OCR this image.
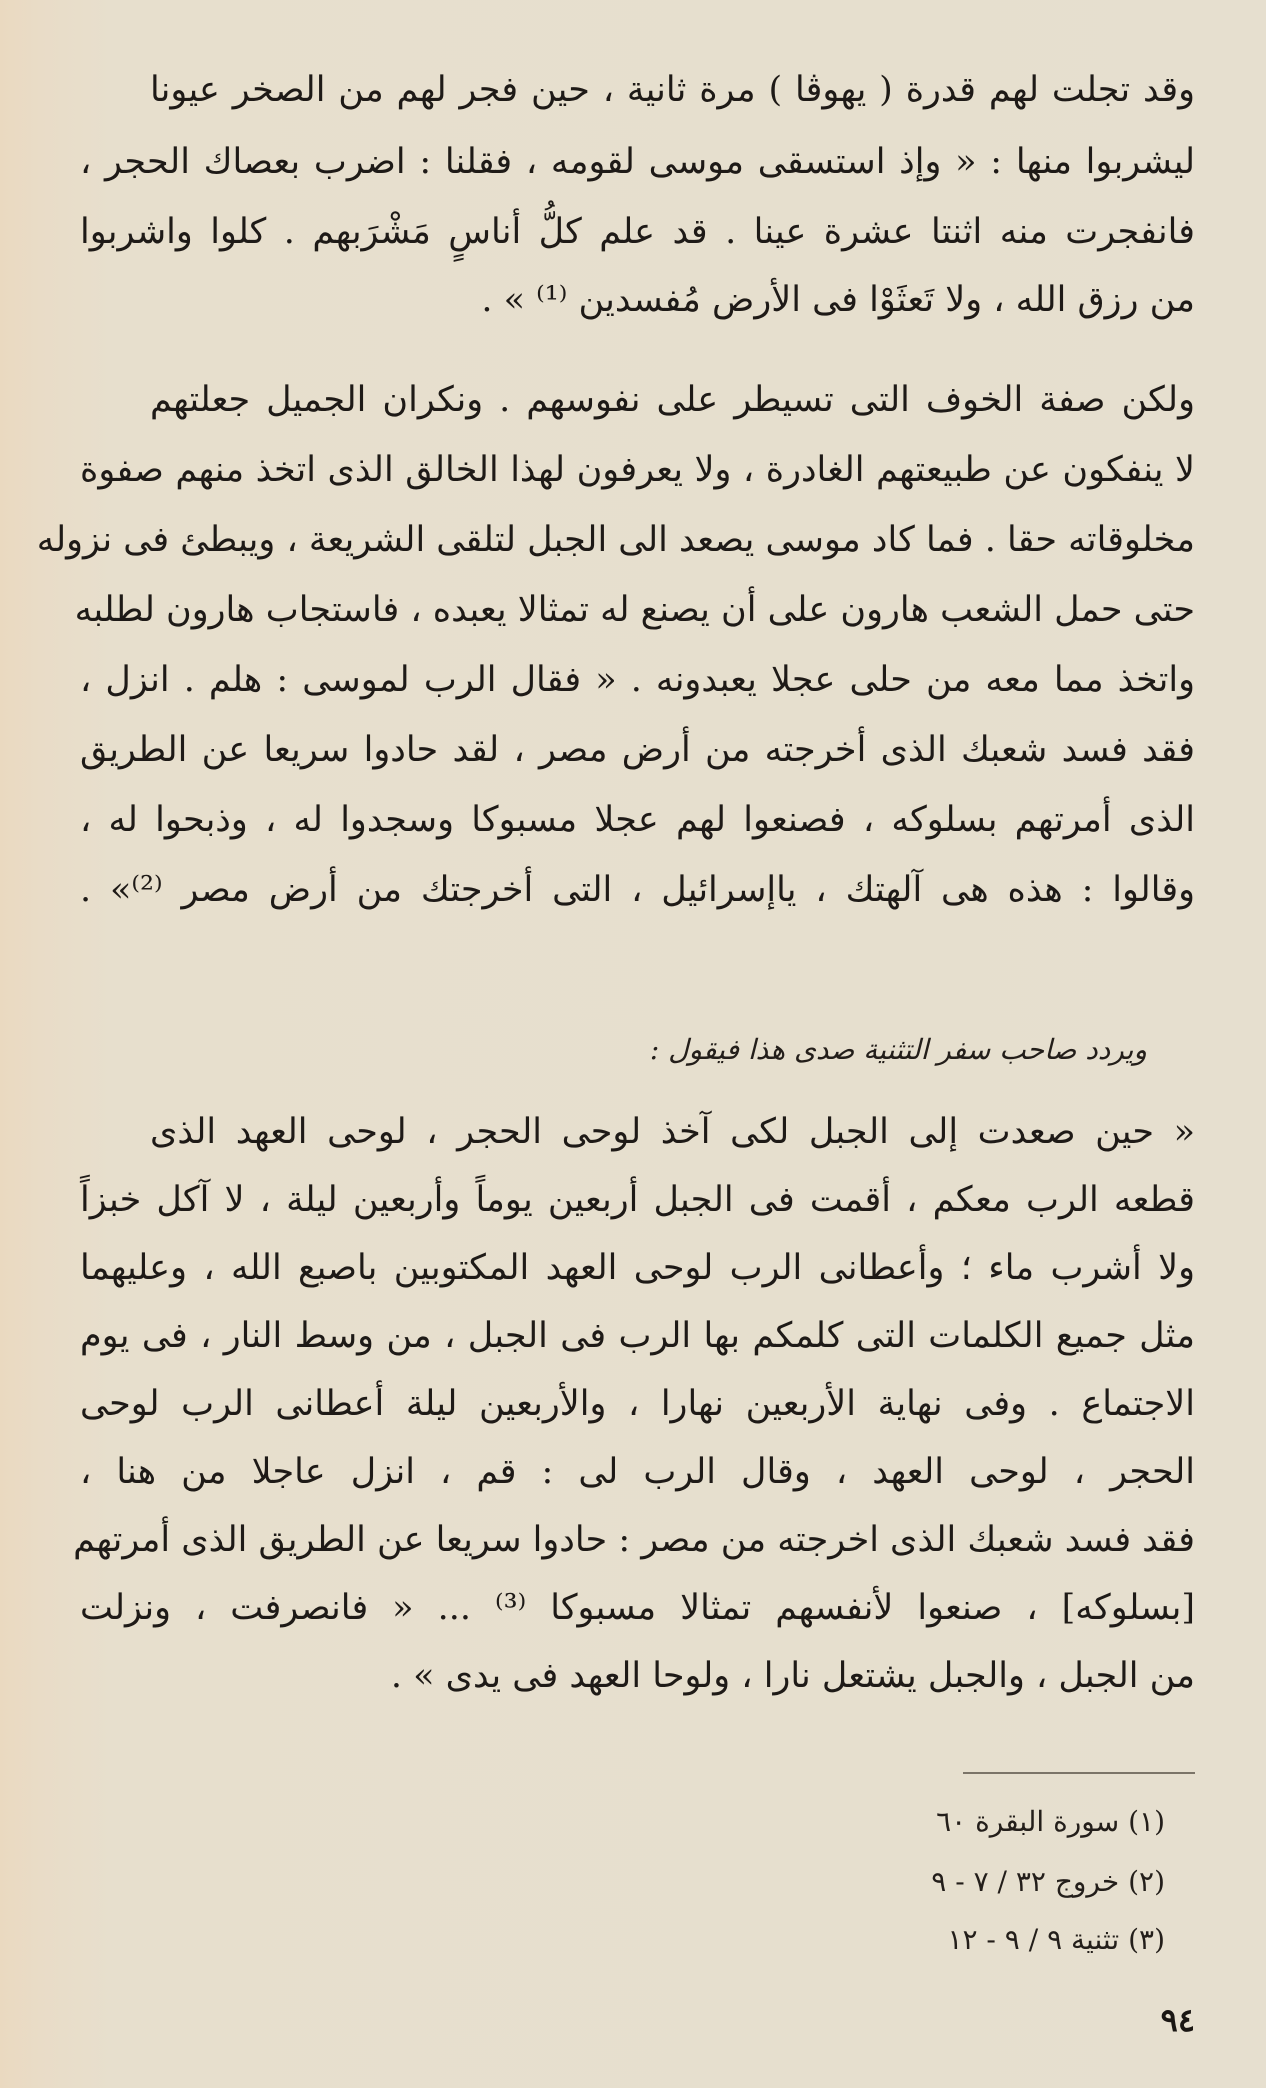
وقد تجلت لهم قدرة ( يهوڤا ) مرة ثانية ، حين فجر لهم من الصخر عيونا
ليشربوا منها : « وإذ استسقى موسى لقومه ، فقلنا : اضرب بعصاك الحجر ،
فانفجرت منه اثنتا عشرة عينا . قد علم كلُّ أناسٍ مَشْرَبهم . كلوا واشربوا
من رزق الله ، ولا تَعثَوْا فى الأرض مُفسدين ⁽¹⁾ » .
ولكن صفة الخوف التى تسيطر على نفوسهم . ونكران الجميل جعلتهم
لا ينفكون عن طبيعتهم الغادرة ، ولا يعرفون لهذا الخالق الذى اتخذ منهم صفوة
مخلوقاته حقا . فما كاد موسى يصعد الى الجبل لتلقى الشريعة ، ويبطئ فى نزوله
حتى حمل الشعب هارون على أن يصنع له تمثالا يعبده ، فاستجاب هارون لطلبه
واتخذ مما معه من حلى عجلا يعبدونه . « فقال الرب لموسى : هلم . انزل ،
فقد فسد شعبك الذى أخرجته من أرض مصر ، لقد حادوا سريعا عن الطريق
الذى أمرتهم بسلوكه ، فصنعوا لهم عجلا مسبوكا وسجدوا له ، وذبحوا له ،
وقالوا : هذه هى آلهتك ، ياإسرائيل ، التى أخرجتك من أرض مصر ⁽²⁾» .
ويردد صاحب سفر التثنية صدى هذا فيقول :
« حين صعدت إلى الجبل لكى آخذ لوحى الحجر ، لوحى العهد الذى
قطعه الرب معكم ، أقمت فى الجبل أربعين يوماً وأربعين ليلة ، لا آكل خبزاً
ولا أشرب ماء ؛ وأعطانى الرب لوحى العهد المكتوبين باصبع الله ، وعليهما
مثل جميع الكلمات التى كلمكم بها الرب فى الجبل ، من وسط النار ، فى يوم
الاجتماع . وفى نهاية الأربعين نهارا ، والأربعين ليلة أعطانى الرب لوحى
الحجر ، لوحى العهد ، وقال الرب لى : قم ، انزل عاجلا من هنا ،
فقد فسد شعبك الذى اخرجته من مصر : حادوا سريعا عن الطريق الذى أمرتهم
[بسلوكه] ، صنعوا لأنفسهم تمثالا مسبوكا ⁽³⁾ ... « فانصرفت ، ونزلت
من الجبل ، والجبل يشتعل نارا ، ولوحا العهد فى يدى » .
(١) سورة البقرة ٦٠
(٢) خروج ٣٢ / ٧ - ٩
(٣) تثنية ٩ / ٩ - ١٢
٩٤
